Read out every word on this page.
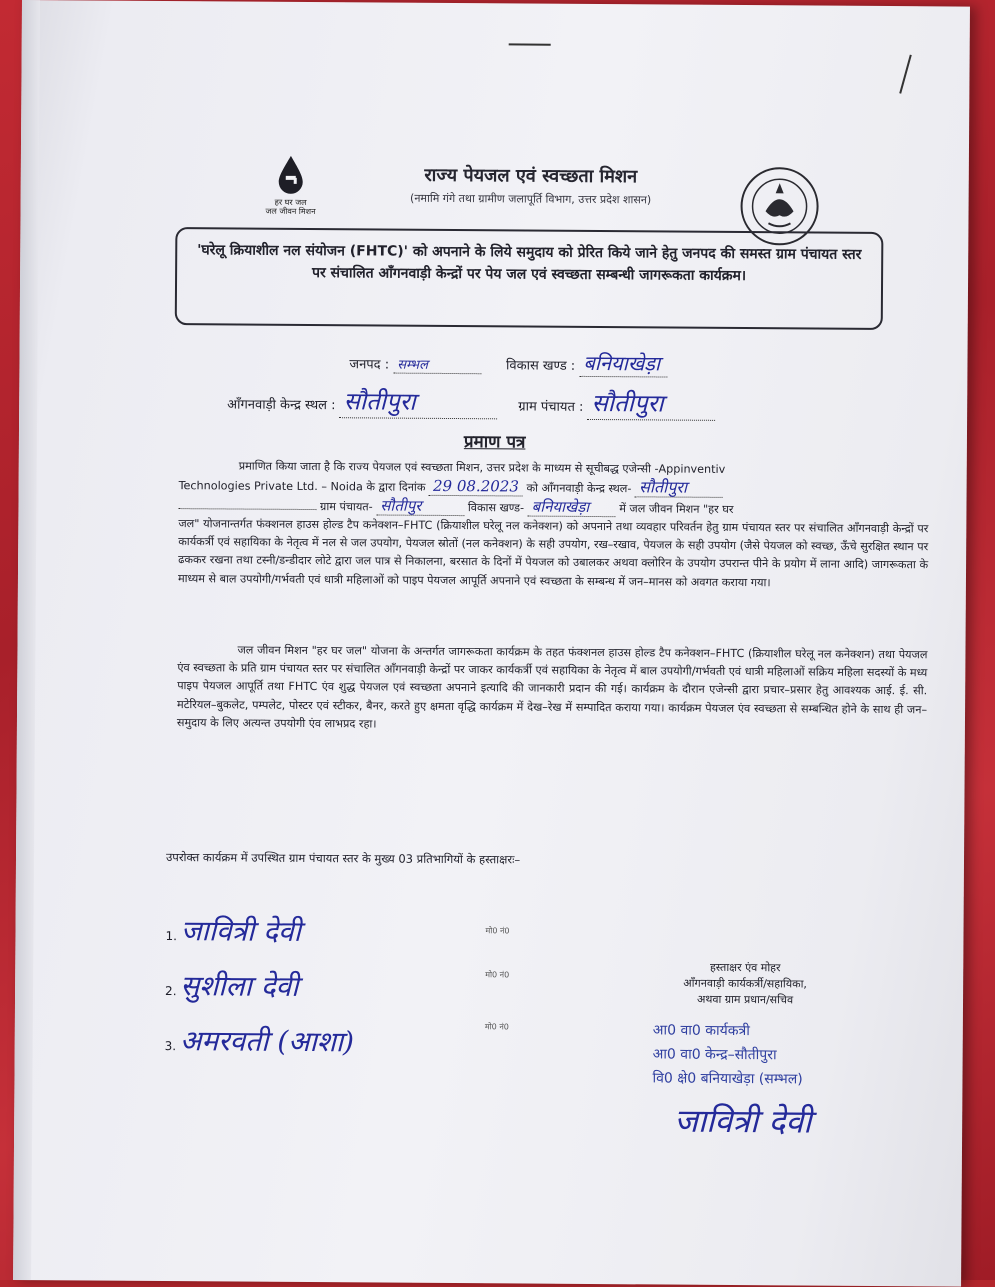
हर घर जल
जल जीवन मिशन
राज्य पेयजल एवं स्वच्छता मिशन
(नमामि गंगे तथा ग्रामीण जलापूर्ति विभाग, उत्तर प्रदेश शासन)
'घरेलू क्रियाशील नल संयोजन (FHTC)' को अपनाने के लिये समुदाय को प्रेरित किये जाने हेतु जनपद की समस्त ग्राम पंचायत स्तर पर संचालित आँगनवाड़ी केन्द्रों पर पेय जल एवं स्वच्छता सम्बन्धी जागरूकता कार्यक्रम।
जनपद : सम्भल	विकास खण्ड : बनियाखेड़ा
आँगनवाड़ी केन्द्र स्थल : सौतीपुरा	ग्राम पंचायत : सौतीपुरा
प्रमाण पत्र
प्रमाणित किया जाता है कि राज्य पेयजल एवं स्वच्छता मिशन, उत्तर प्रदेश के माध्यम से सूचीबद्ध एजेन्सी -Appinventiv
Technologies Private Ltd. – Noida के द्वारा दिनांक 29 08.2023 को आँगनवाड़ी केन्द्र स्थल- सौतीपुरा
ग्राम पंचायत- सौतीपुर	विकास खण्ड- बनियाखेड़ा	में जल जीवन मिशन "हर घर
जल" योजनान्तर्गत फंक्शनल हाउस होल्ड टैप कनेक्शन–FHTC (क्रियाशील घरेलू नल कनेक्शन) को अपनाने तथा व्यवहार परिवर्तन हेतु ग्राम पंचायत स्तर पर संचालित आँगनवाड़ी केन्द्रों पर कार्यकर्त्री एवं सहायिका के नेतृत्व में नल से जल उपयोग, पेयजल स्रोतों (नल कनेक्शन) के सही उपयोग, रख–रखाव, पेयजल के सही उपयोग (जैसे पेयजल को स्वच्छ, ऊँचे सुरक्षित स्थान पर ढककर रखना तथा टस्नी/डन्डीदार लोटे द्वारा जल पात्र से निकालना, बरसात के दिनों में पेयजल को उबालकर अथवा क्लोरिन के उपयोग उपरान्त पीने के प्रयोग में लाना आदि) जागरूकता के माध्यम से बाल उपयोगी/गर्भवती एवं धात्री महिलाओं को पाइप पेयजल आपूर्ति अपनाने एवं स्वच्छता के सम्बन्ध में जन–मानस को अवगत कराया गया।
जल जीवन मिशन "हर घर जल" योजना के अन्तर्गत जागरूकता कार्यक्रम के तहत फंक्शनल हाउस होल्ड टैप कनेक्शन–FHTC (क्रियाशील घरेलू नल कनेक्शन) तथा पेयजल एंव स्वच्छता के प्रति ग्राम पंचायत स्तर पर संचालित आँगनवाड़ी केन्द्रों पर जाकर कार्यकर्त्री एवं सहायिका के नेतृत्व में बाल उपयोगी/गर्भवती एवं धात्री महिलाओं सक्रिय महिला सदस्यों के मध्य पाइप पेयजल आपूर्ति तथा FHTC एंव शुद्ध पेयजल एवं स्वच्छता अपनाने इत्यादि की जानकारी प्रदान की गई। कार्यक्रम के दौरान एजेन्सी द्वारा प्रचार–प्रसार हेतु आवश्यक आई. ई. सी. मटेरियल–बुकलेट, पम्पलेट, पोस्टर एवं स्टीकर, बैनर, करते हुए क्षमता वृद्धि कार्यक्रम में देख–रेख में सम्पादित कराया गया। कार्यक्रम पेयजल एंव स्वच्छता से सम्बन्धित होने के साथ ही जन–समुदाय के लिए अत्यन्त उपयोगी एंव लाभप्रद रहा।
उपरोक्त कार्यक्रम में उपस्थित ग्राम पंचायत स्तर के मुख्य 03 प्रतिभागियों के हस्ताक्षरः–
1. जावित्री देवी	मो0 नं0
2. सुशीला देवी	मो0 नं0
3. अमरवती (आशा)	मो0 नं0
हस्ताक्षर एंव मोहर
आँगनवाड़ी कार्यकर्त्री/सहायिका,
अथवा ग्राम प्रधान/सचिव
आ0 वा0 कार्यकत्री
आ0 वा0 केन्द्र–सौतीपुरा
वि0 क्षे0 बनियाखेड़ा (सम्भल)
जावित्री देवी
